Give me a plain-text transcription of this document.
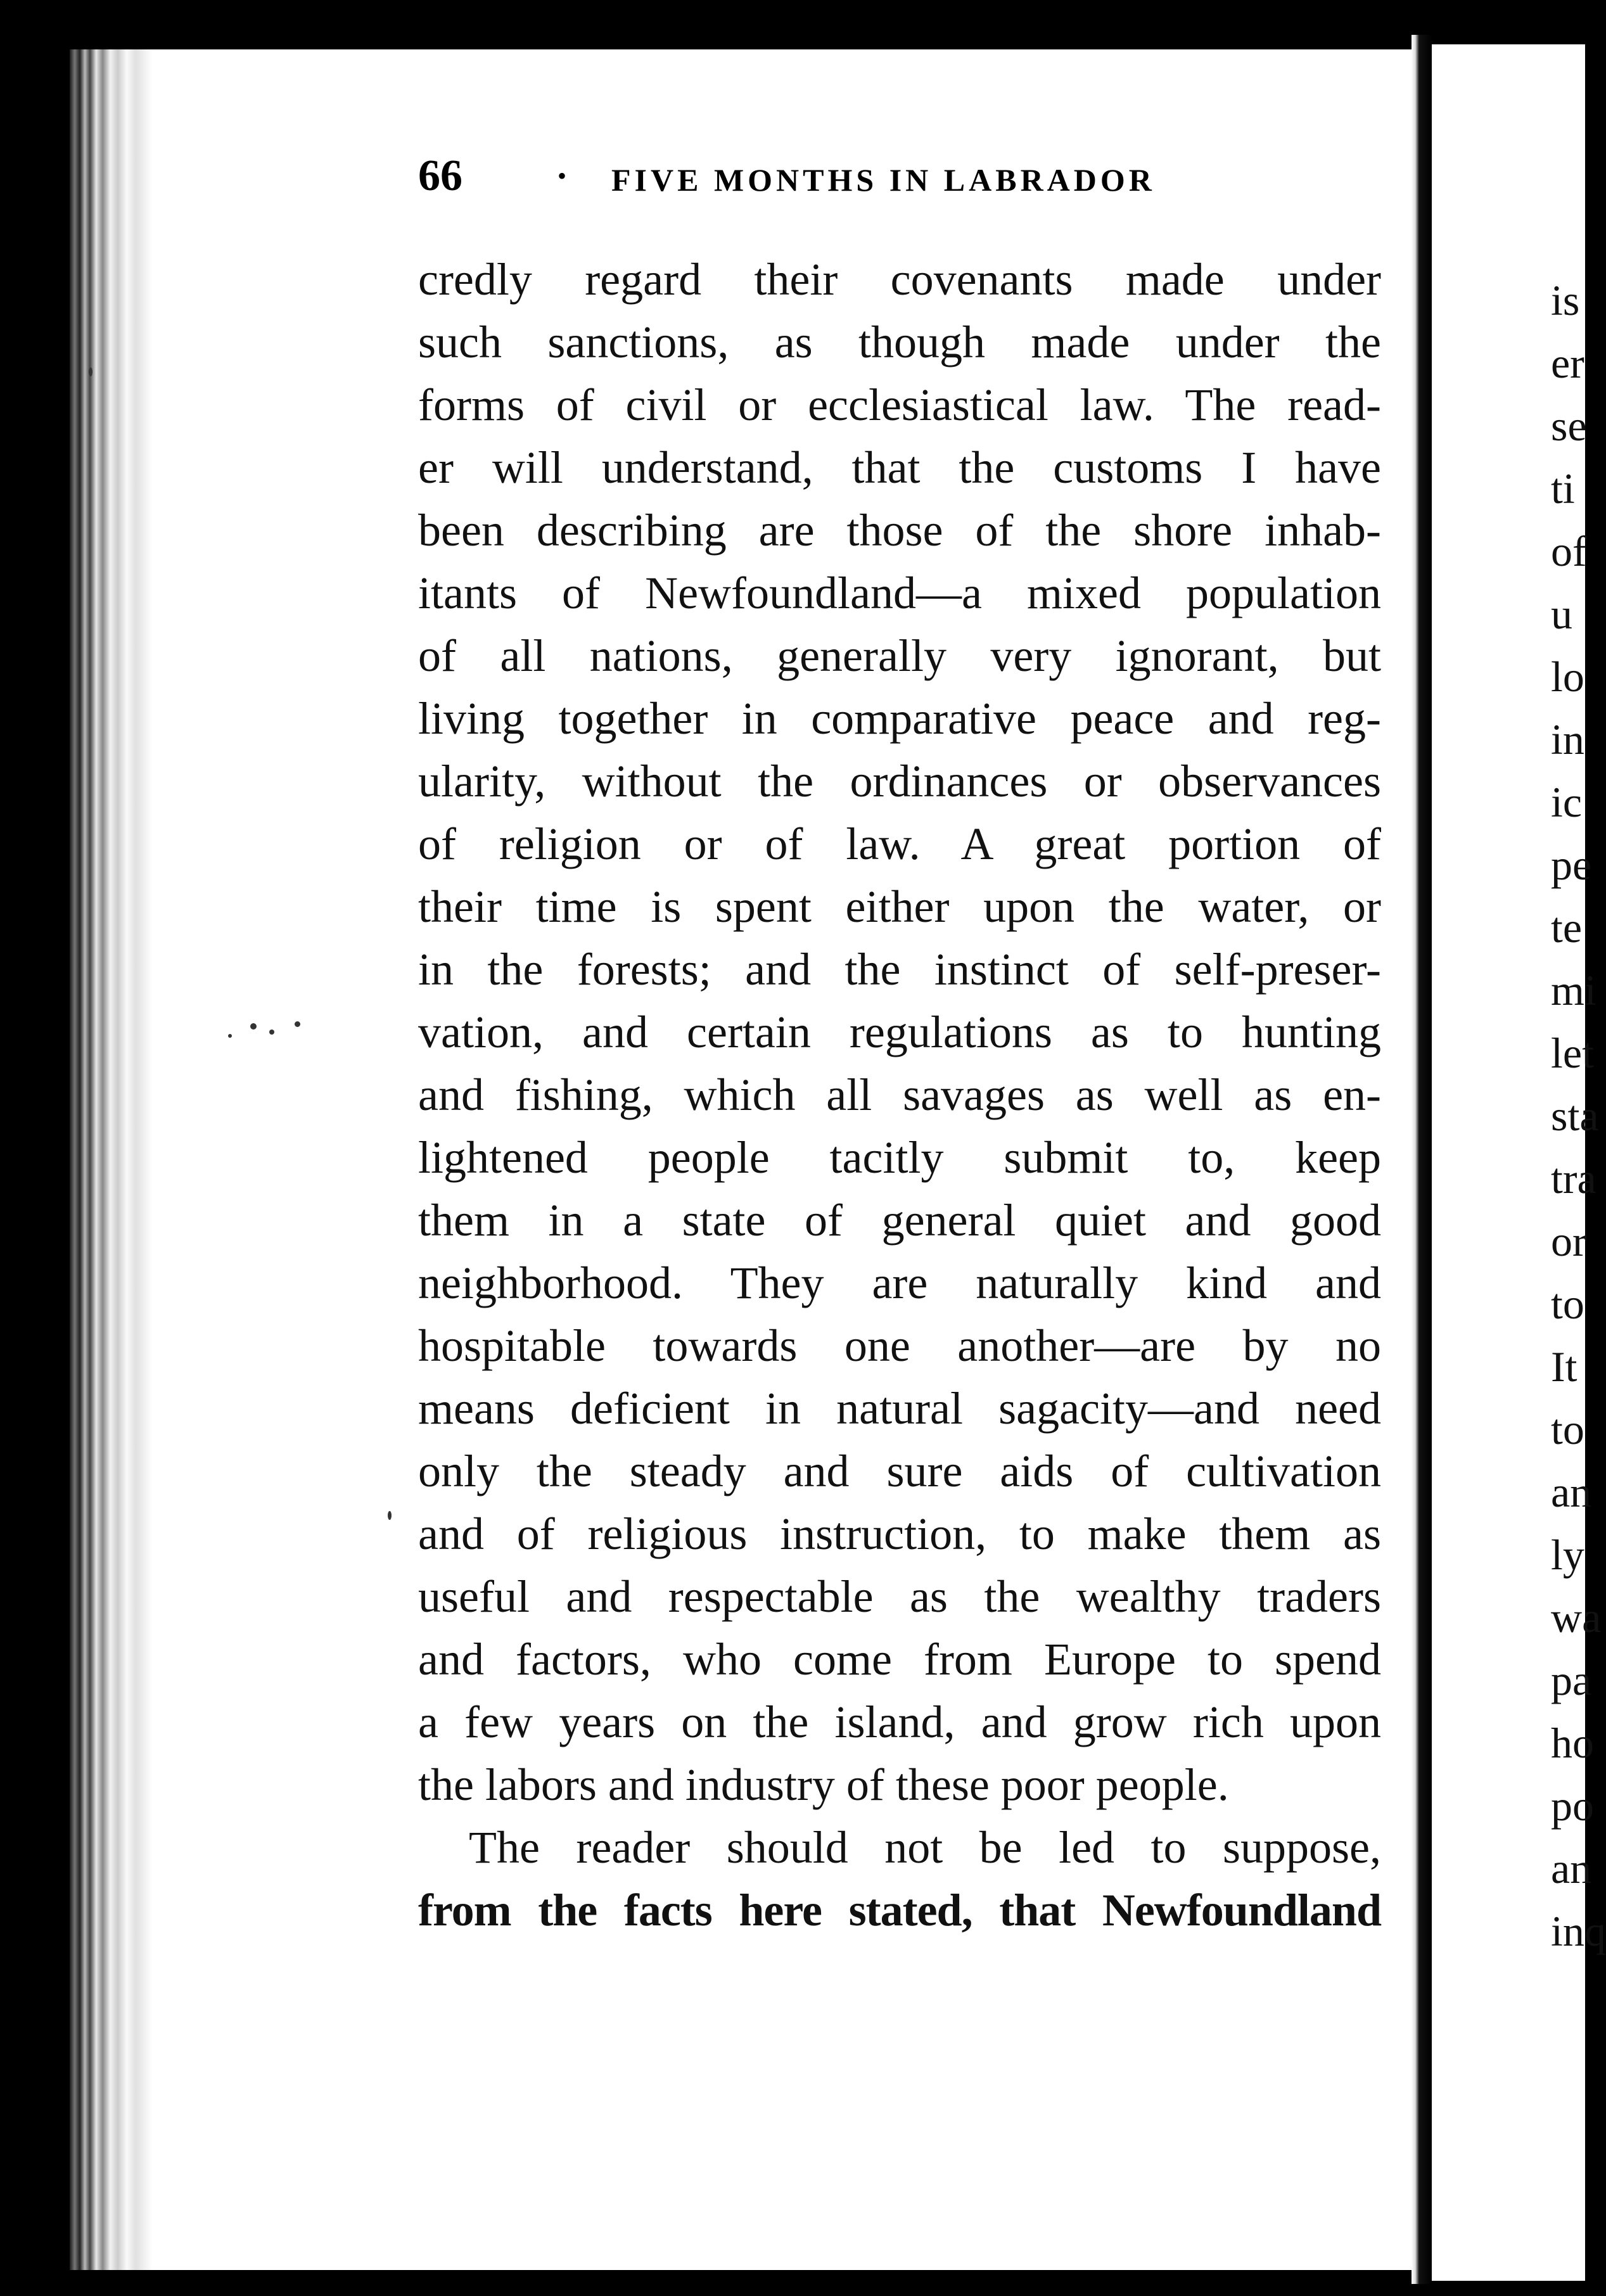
66	• FIVE MONTHS IN LABRADOR
credly regard their covenants made under
such sanctions, as though made under the
forms of civil or ecclesiastical law. The read-
er will understand, that the customs I have
been describing are those of the shore inhab-
itants of Newfoundland—a mixed population
of all nations, generally very ignorant, but
living together in comparative peace and reg-
ularity, without the ordinances or observances
of religion or of law. A great portion of
their time is spent either upon the water, or
in the forests; and the instinct of self-preser-
vation, and certain regulations as to hunting
and fishing, which all savages as well as en-
lightened people tacitly submit to, keep
them in a state of general quiet and good
neighborhood. They are naturally kind and
hospitable towards one another—are by no
means deficient in natural sagacity—and need
only the steady and sure aids of cultivation
and of religious instruction, to make them as
useful and respectable as the wealthy traders
and factors, who come from Europe to spend
a few years on the island, and grow rich upon
the labors and industry of these poor people.
The reader should not be led to suppose,
from the facts here stated, that Newfoundland
is
er
se
ti
of
u
lo
in
ic
pe
te
mi
let
sta
tra
or
to
It
to
an
ly
wa
pa
ho
po
an
inq
